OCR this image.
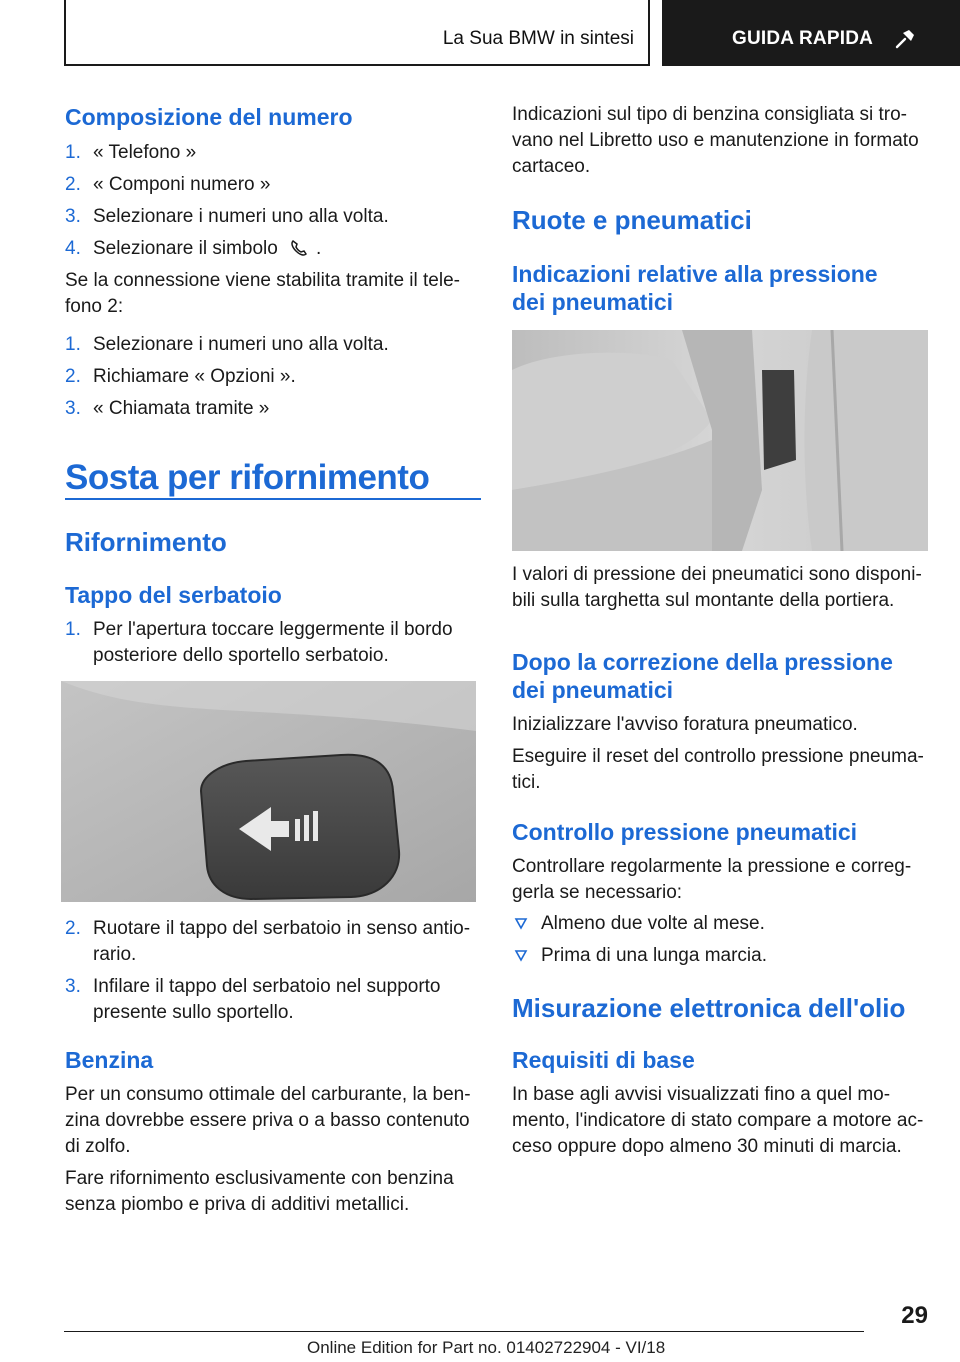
La Sua BMW in sintesi	GUIDA RAPIDA
Composizione del numero
1. « Telefono »
2. « Componi numero »
3. Selezionare i numeri uno alla volta.
4. Selezionare il simbolo .
Se la connessione viene stabilita tramite il tele-
fono 2:
1. Selezionare i numeri uno alla volta.
2. Richiamare « Opzioni ».
3. « Chiamata tramite »
Sosta per rifornimento
Rifornimento
Tappo del serbatoio
1. Per l'apertura toccare leggermente il bordo
posteriore dello sportello serbatoio.
2. Ruotare il tappo del serbatoio in senso antio-
rario.
3. Infilare il tappo del serbatoio nel supporto
presente sullo sportello.
Benzina
Per un consumo ottimale del carburante, la ben-
zina dovrebbe essere priva o a basso contenuto
di zolfo.
Fare rifornimento esclusivamente con benzina
senza piombo e priva di additivi metallici.
Indicazioni sul tipo di benzina consigliata si tro-
vano nel Libretto uso e manutenzione in formato
cartaceo.
Ruote e pneumatici
Indicazioni relative alla pressione
dei pneumatici
I valori di pressione dei pneumatici sono disponi-
bili sulla targhetta sul montante della portiera.
Dopo la correzione della pressione
dei pneumatici
Inizializzare l'avviso foratura pneumatico.
Eseguire il reset del controllo pressione pneuma-
tici.
Controllo pressione pneumatici
Controllare regolarmente la pressione e correg-
gerla se necessario:
Almeno due volte al mese.
Prima di una lunga marcia.
Misurazione elettronica dell'olio
Requisiti di base
In base agli avvisi visualizzati fino a quel mo-
mento, l'indicatore di stato compare a motore ac-
ceso oppure dopo almeno 30 minuti di marcia.
29
Online Edition for Part no. 01402722904 - VI/18
